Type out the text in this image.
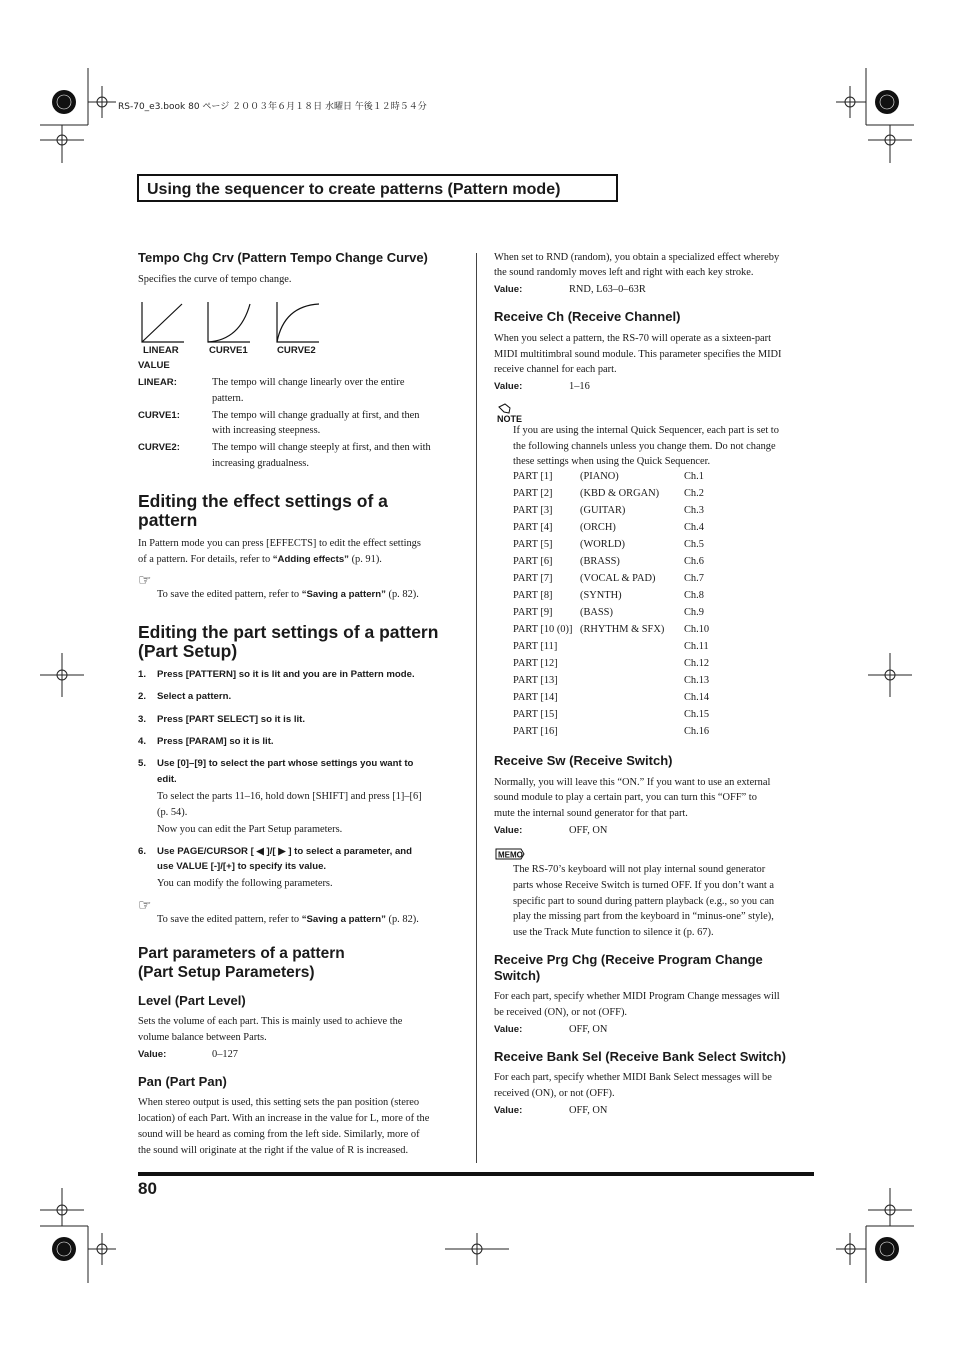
RS-70_e3.book 80 ページ ２００３年６月１８日 水曜日 午後１２時５４分
Using the sequencer to create patterns (Pattern mode)
Tempo Chg Crv (Pattern Tempo Change Curve)
Specifies the curve of tempo change.
LINEAR	CURVE1	CURVE2
VALUE
LINEAR:	The tempo will change linearly over the entire
pattern.
CURVE1:	The tempo will change gradually at first, and then
with increasing steepness.
CURVE2:	The tempo will change steeply at first, and then with
increasing gradualness.
Editing the effect settings of a
pattern
In Pattern mode you can press [EFFECTS] to edit the effect settings
of a pattern. For details, refer to “Adding effects” (p. 91).
☞
To save the edited pattern, refer to “Saving a pattern” (p. 82).
Editing the part settings of a pattern
(Part Setup)
1. Press [PATTERN] so it is lit and you are in Pattern mode.
2. Select a pattern.
3. Press [PART SELECT] so it is lit.
4. Press [PARAM] so it is lit.
5. Use [0]–[9] to select the part whose settings you want to
edit.
To select the parts 11–16, hold down [SHIFT] and press [1]–[6]
(p. 54).
Now you can edit the Part Setup parameters.
6. Use PAGE/CURSOR [ ◀ ]/[ ▶ ] to select a parameter, and
use VALUE [-]/[+] to specify its value.
You can modify the following parameters.
☞
To save the edited pattern, refer to “Saving a pattern” (p. 82).
Part parameters of a pattern
(Part Setup Parameters)
Level (Part Level)
Sets the volume of each part. This is mainly used to achieve the
volume balance between Parts.
Value:	0–127
Pan (Part Pan)
When stereo output is used, this setting sets the pan position (stereo
location) of each Part. With an increase in the value for L, more of the
sound will be heard as coming from the left side. Similarly, more of
the sound will originate at the right if the value of R is increased.
When set to RND (random), you obtain a specialized effect whereby
the sound randomly moves left and right with each key stroke.
Value:	RND, L63–0–63R
Receive Ch (Receive Channel)
When you select a pattern, the RS-70 will operate as a sixteen-part
MIDI multitimbral sound module. This parameter specifies the MIDI
receive channel for each part.
Value:	1–16
NOTE
If you are using the internal Quick Sequencer, each part is set to
the following channels unless you change them. Do not change
these settings when using the Quick Sequencer.
PART [1]	(PIANO)	Ch.1
PART [2]	(KBD & ORGAN) Ch.2
PART [3]	(GUITAR)	Ch.3
PART [4]	(ORCH)	Ch.4
PART [5]	(WORLD)	Ch.5
PART [6]	(BRASS)	Ch.6
PART [7]	(VOCAL & PAD)	Ch.7
PART [8]	(SYNTH)	Ch.8
PART [9]	(BASS)	Ch.9
PART [10 (0)] (RHYTHM & SFX) Ch.10
PART [11]	Ch.11
PART [12]	Ch.12
PART [13]	Ch.13
PART [14]	Ch.14
PART [15]	Ch.15
PART [16]	Ch.16
Receive Sw (Receive Switch)
Normally, you will leave this “ON.” If you want to use an external
sound module to play a certain part, you can turn this “OFF” to
mute the internal sound generator for that part.
Value:	OFF, ON
MEMO
The RS-70’s keyboard will not play internal sound generator
parts whose Receive Switch is turned OFF. If you don’t want a
specific part to sound during pattern playback (e.g., so you can
play the missing part from the keyboard in “minus-one” style),
use the Track Mute function to silence it (p. 67).
Receive Prg Chg (Receive Program Change
Switch)
For each part, specify whether MIDI Program Change messages will
be received (ON), or not (OFF).
Value:	OFF, ON
Receive Bank Sel (Receive Bank Select Switch)
For each part, specify whether MIDI Bank Select messages will be
received (ON), or not (OFF).
Value:	OFF, ON
80
